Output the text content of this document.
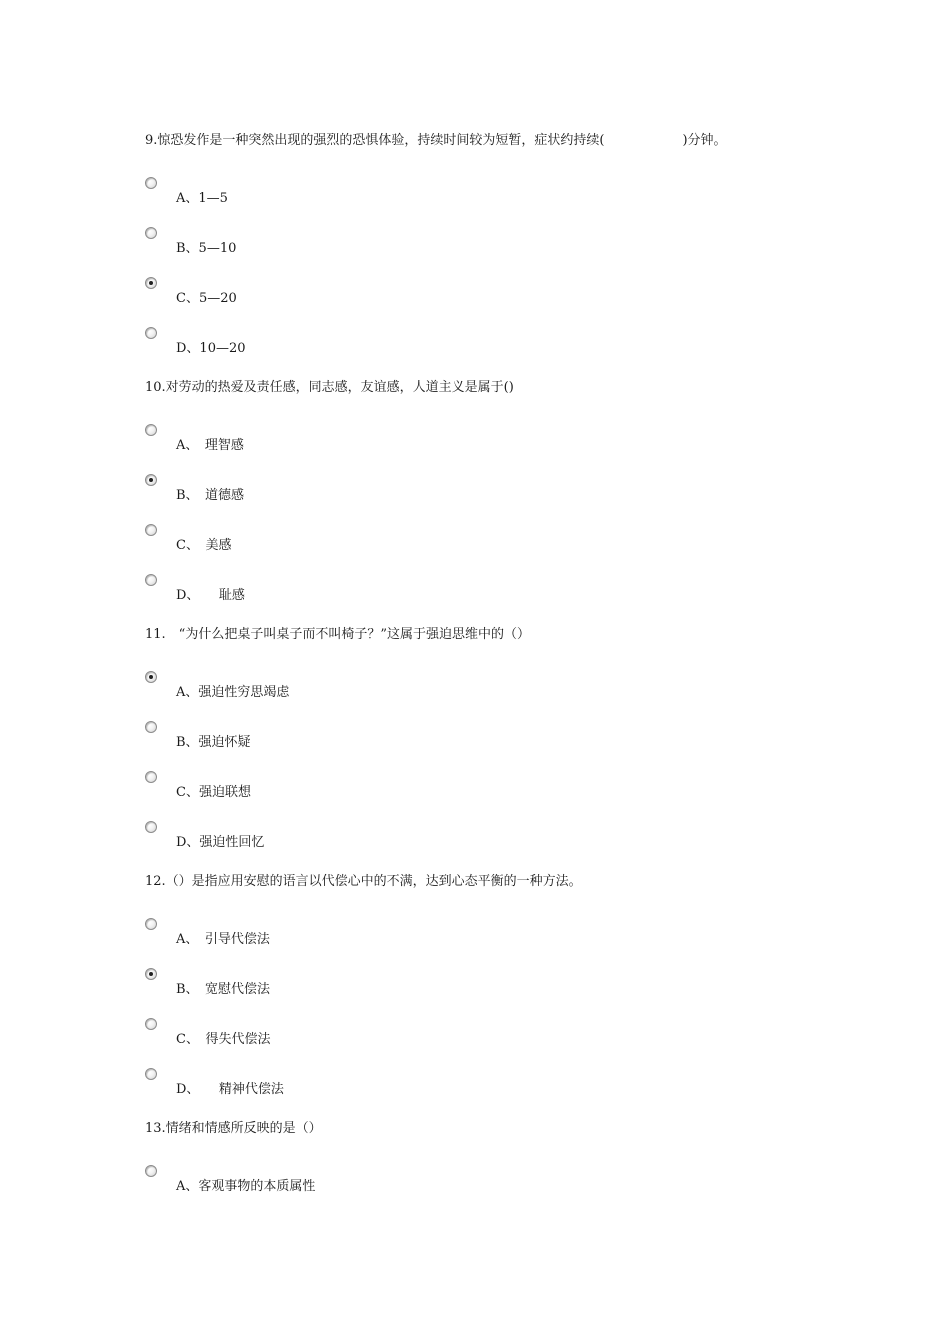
9.惊恐发作是一种突然出现的强烈的恐惧体验，持续时间较为短暂，症状约持续(　　　　　　)分钟。
A、1—5
B、5—10
C、5—20
D、10—20
10.对劳动的热爱及责任感，同志感，友谊感，人道主义是属于()
A、　理智感
B、　道德感
C、　美感
D、　　耻感
11.　“为什么把桌子叫桌子而不叫椅子？”这属于强迫思维中的（）
A、强迫性穷思竭虑
B、强迫怀疑
C、强迫联想
D、强迫性回忆
12.（）是指应用安慰的语言以代偿心中的不满，达到心态平衡的一种方法。
A、　引导代偿法
B、　宽慰代偿法
C、　得失代偿法
D、　　精神代偿法
13.情绪和情感所反映的是（）
A、客观事物的本质属性
